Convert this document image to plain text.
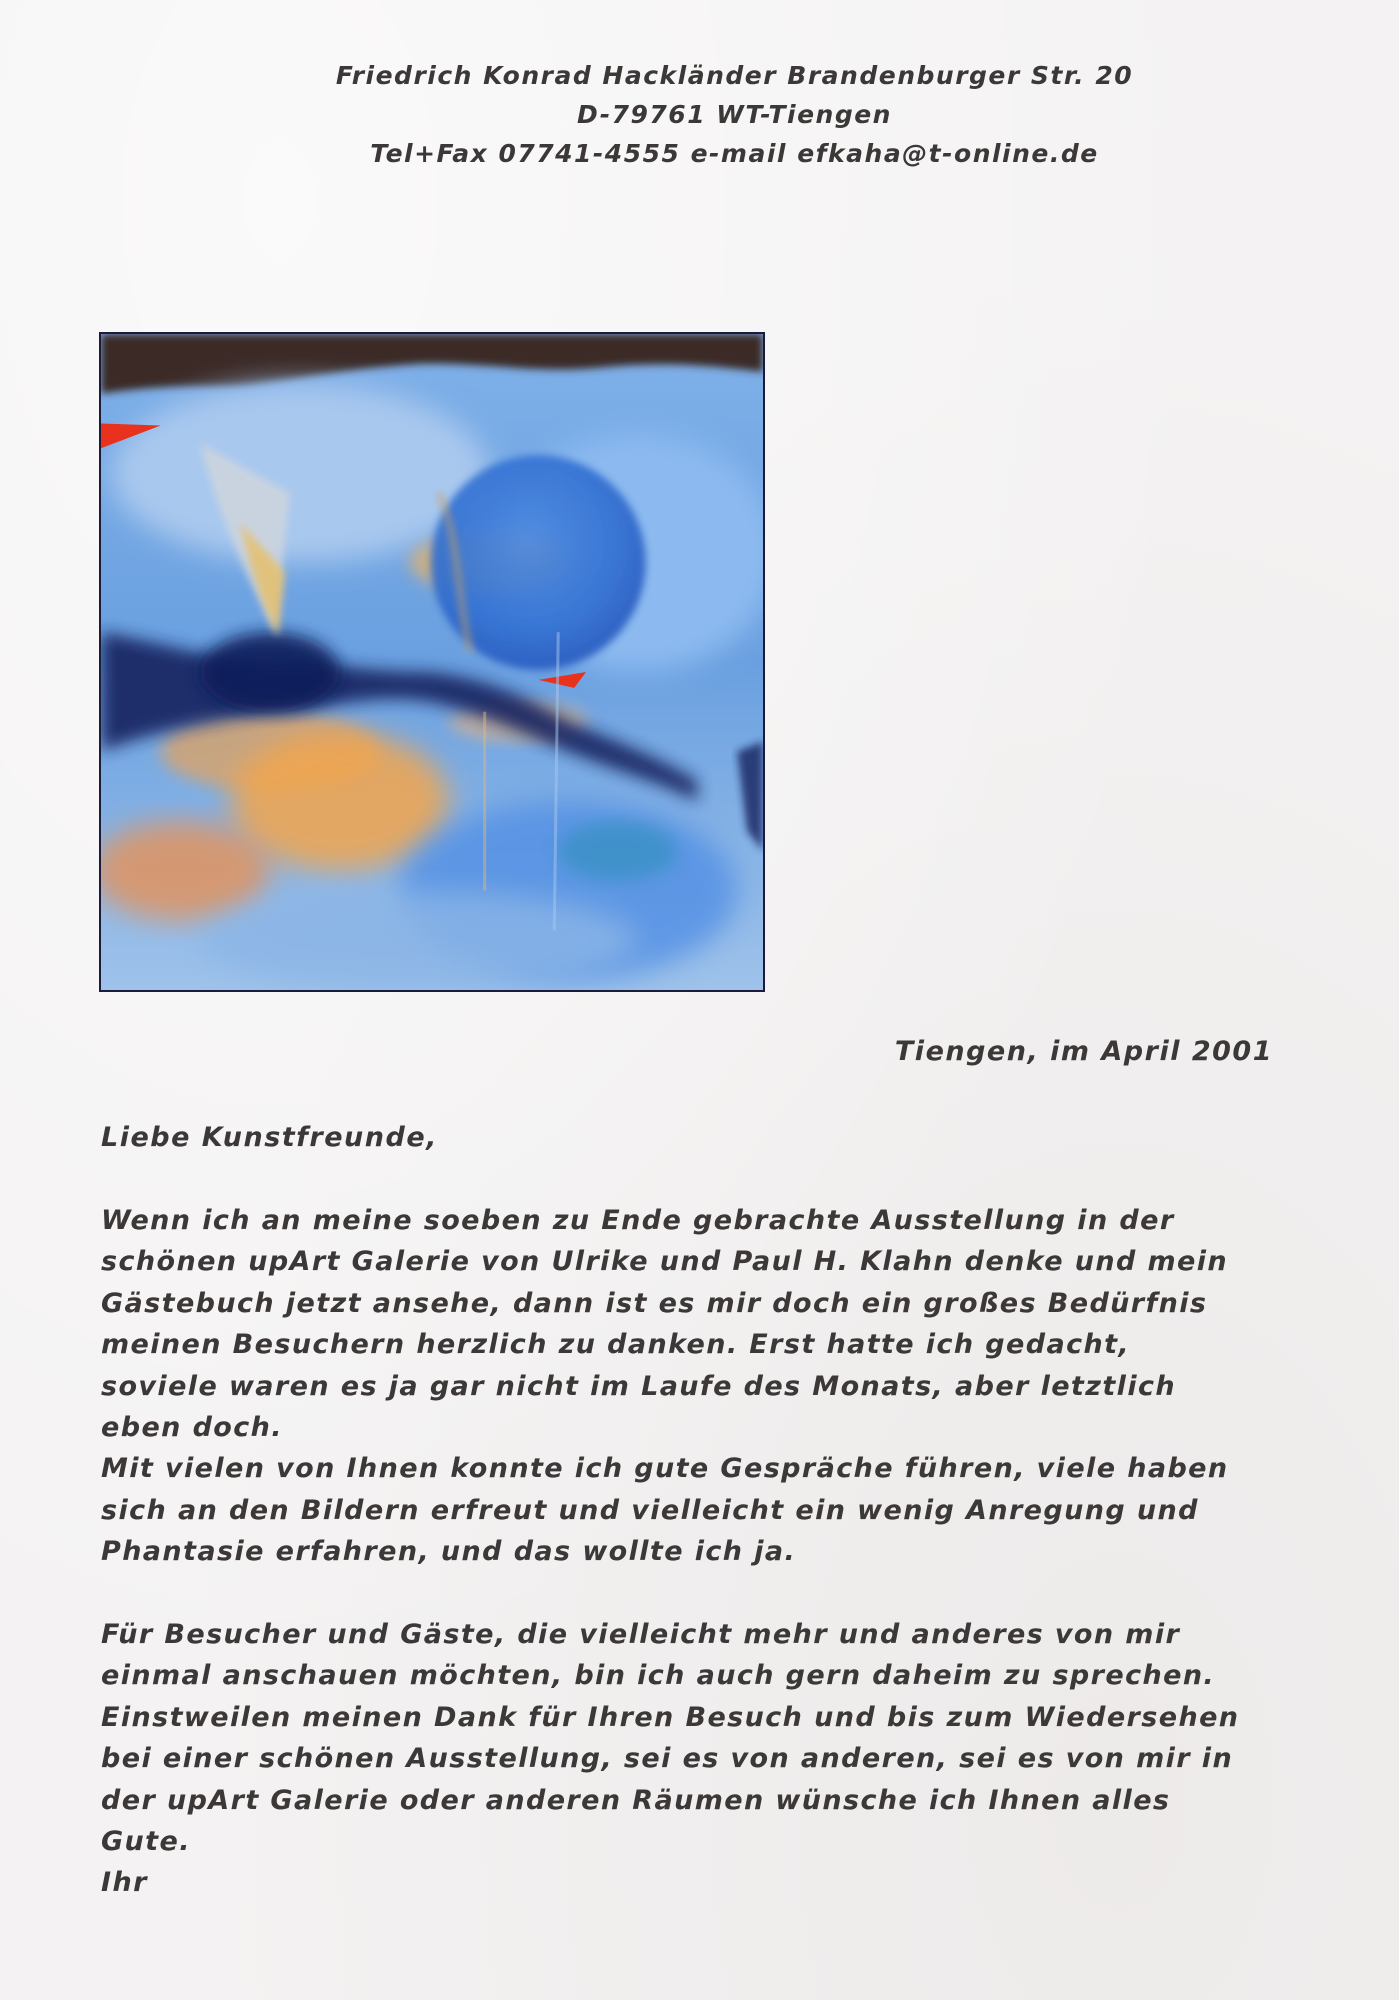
Friedrich Konrad Hackländer Brandenburger Str. 20
D-79761 WT-Tiengen
Tel+Fax 07741-4555 e-mail efkaha@t-online.de
Tiengen, im April 2001
Liebe Kunstfreunde,
Wenn ich an meine soeben zu Ende gebrachte Ausstellung in der
schönen upArt Galerie von Ulrike und Paul H. Klahn denke und mein
Gästebuch jetzt ansehe, dann ist es mir doch ein großes Bedürfnis
meinen Besuchern herzlich zu danken. Erst hatte ich gedacht,
soviele waren es ja gar nicht im Laufe des Monats, aber letztlich
eben doch.
Mit vielen von Ihnen konnte ich gute Gespräche führen, viele haben
sich an den Bildern erfreut und vielleicht ein wenig Anregung und
Phantasie erfahren, und das wollte ich ja.
Für Besucher und Gäste, die vielleicht mehr und anderes von mir
einmal anschauen möchten, bin ich auch gern daheim zu sprechen.
Einstweilen meinen Dank für Ihren Besuch und bis zum Wiedersehen
bei einer schönen Ausstellung, sei es von anderen, sei es von mir in
der upArt Galerie oder anderen Räumen wünsche ich Ihnen alles
Gute.
Ihr
